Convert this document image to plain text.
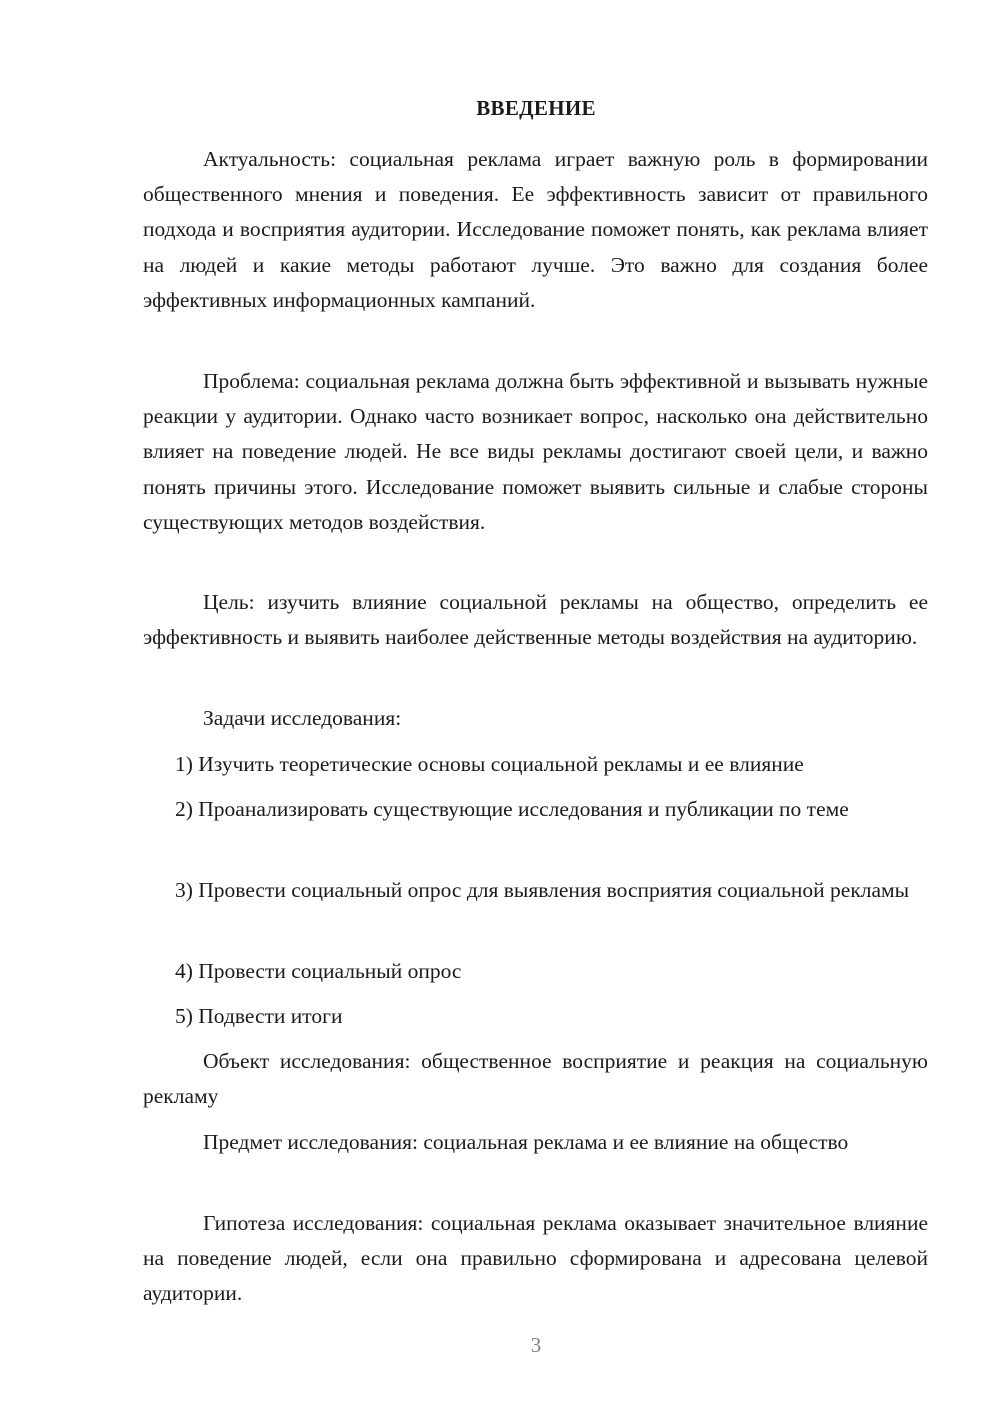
ВВЕДЕНИЕ

Актуальность: социальная реклама играет важную роль в формировании общественного мнения и поведения. Ее эффективность зависит от правильного подхода и восприятия аудитории. Исследование поможет понять, как реклама влияет на людей и какие методы работают лучше. Это важно для создания более эффективных информационных кампаний.

Проблема: социальная реклама должна быть эффективной и вызывать нужные реакции у аудитории. Однако часто возникает вопрос, насколько она действительно влияет на поведение людей. Не все виды рекламы достигают своей цели, и важно понять причины этого. Исследование поможет выявить сильные и слабые стороны существующих методов воздействия.

Цель: изучить влияние социальной рекламы на общество, определить ее эффективность и выявить наиболее действенные методы воздействия на аудиторию.

Задачи исследования:

1) Изучить теоретические основы социальной рекламы и ее влияние

2) Проанализировать существующие исследования и публикации по теме

3) Провести социальный опрос для выявления восприятия социальной рекламы

4) Провести социальный опрос

5) Подвести итоги

Объект исследования: общественное восприятие и реакция на социальную рекламу

Предмет исследования: социальная реклама и ее влияние на общество

Гипотеза исследования: социальная реклама оказывает значительное влияние на поведение людей, если она правильно сформирована и адресована целевой аудитории.

3
